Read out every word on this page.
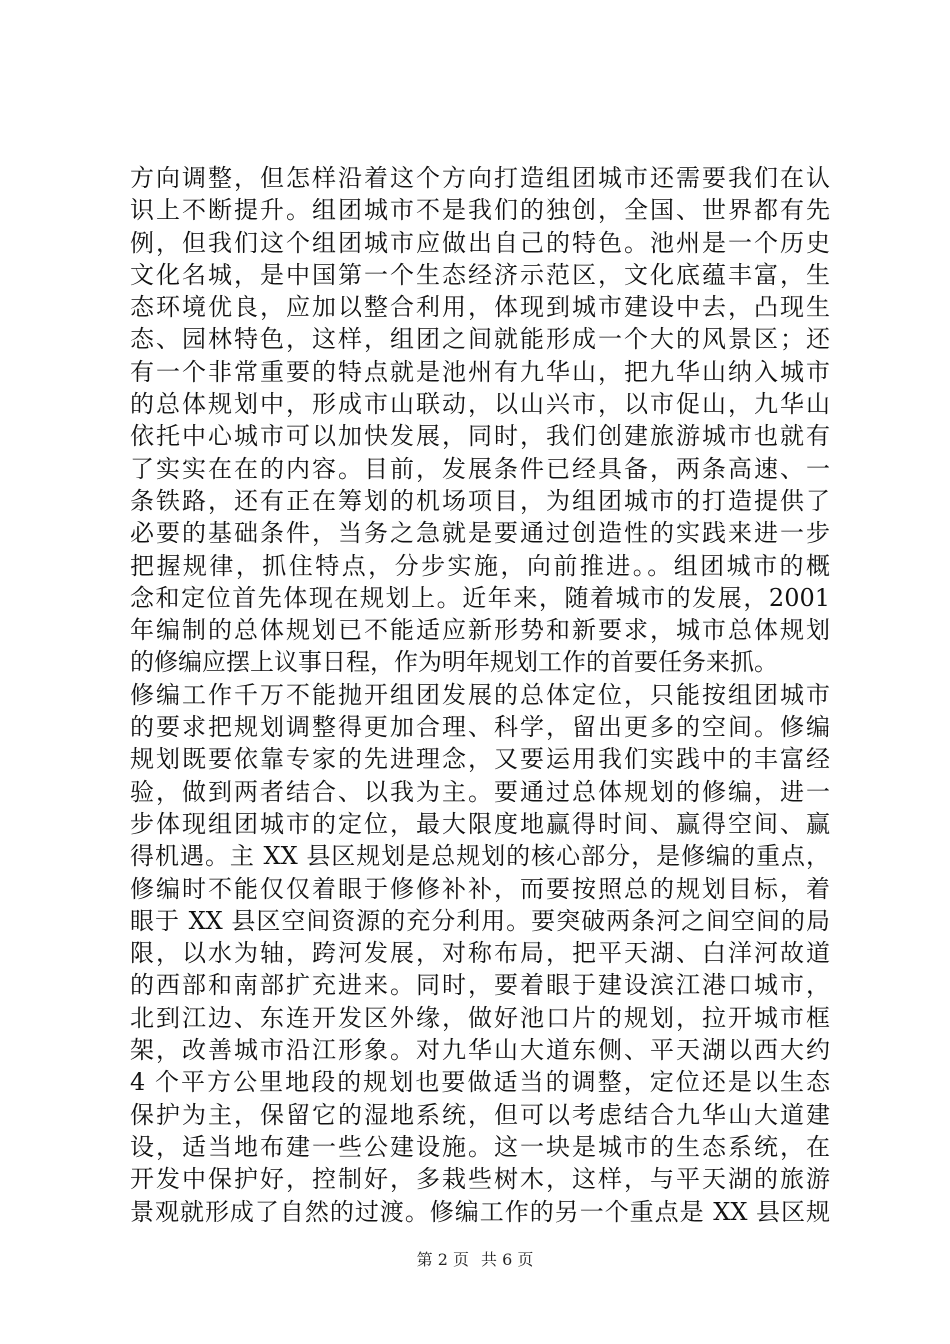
方向调整，但怎样沿着这个方向打造组团城市还需要我们在认
识上不断提升。组团城市不是我们的独创，全国、世界都有先
例，但我们这个组团城市应做出自己的特色。池州是一个历史
文化名城，是中国第一个生态经济示范区，文化底蕴丰富，生
态环境优良，应加以整合利用，体现到城市建设中去，凸现生
态、园林特色，这样，组团之间就能形成一个大的风景区；还
有一个非常重要的特点就是池州有九华山，把九华山纳入城市
的总体规划中，形成市山联动，以山兴市，以市促山，九华山
依托中心城市可以加快发展，同时，我们创建旅游城市也就有
了实实在在的内容。目前，发展条件已经具备，两条高速、一
条铁路，还有正在筹划的机场项目，为组团城市的打造提供了
必要的基础条件，当务之急就是要通过创造性的实践来进一步
把握规律，抓住特点，分步实施，向前推进。。组团城市的概
念和定位首先体现在规划上。近年来，随着城市的发展，2001
年编制的总体规划已不能适应新形势和新要求，城市总体规划
的修编应摆上议事日程，作为明年规划工作的首要任务来抓。
修编工作千万不能抛开组团发展的总体定位，只能按组团城市
的要求把规划调整得更加合理、科学，留出更多的空间。修编
规划既要依靠专家的先进理念，又要运用我们实践中的丰富经
验，做到两者结合、以我为主。要通过总体规划的修编，进一
步体现组团城市的定位，最大限度地赢得时间、赢得空间、赢
得机遇。主 XX 县区规划是总规划的核心部分，是修编的重点，
修编时不能仅仅着眼于修修补补，而要按照总的规划目标，着
眼于 XX 县区空间资源的充分利用。要突破两条河之间空间的局
限，以水为轴，跨河发展，对称布局，把平天湖、白洋河故道
的西部和南部扩充进来。同时，要着眼于建设滨江港口城市，
北到江边、东连开发区外缘，做好池口片的规划，拉开城市框
架，改善城市沿江形象。对九华山大道东侧、平天湖以西大约
4 个平方公里地段的规划也要做适当的调整，定位还是以生态
保护为主，保留它的湿地系统，但可以考虑结合九华山大道建
设，适当地布建一些公建设施。这一块是城市的生态系统，在
开发中保护好，控制好，多栽些树木，这样，与平天湖的旅游
景观就形成了自然的过渡。修编工作的另一个重点是 XX 县区规
第 2 页 共 6 页
